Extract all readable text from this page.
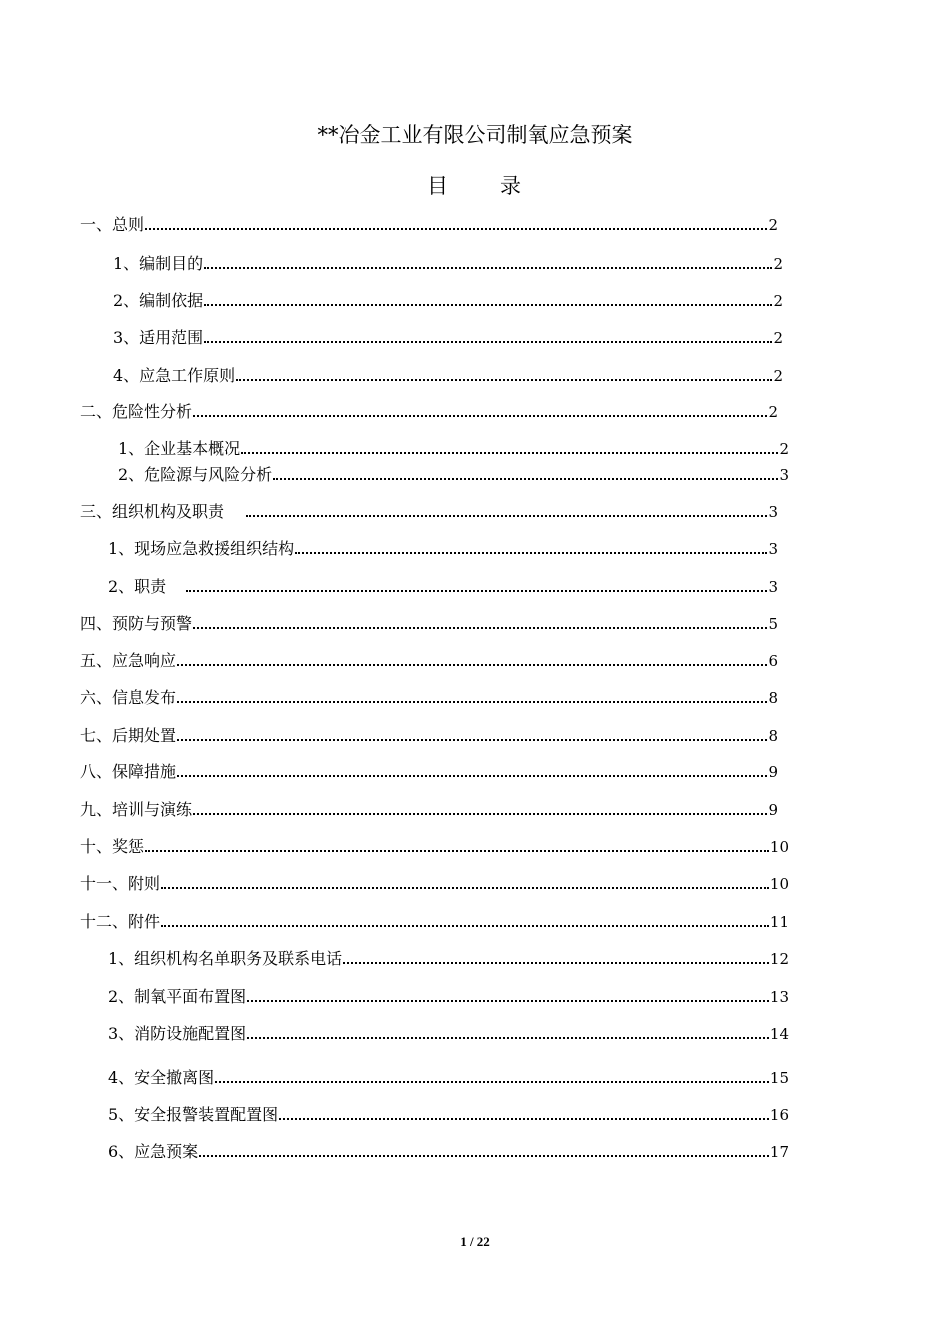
**冶金工业有限公司制氧应急预案
目 录
一、总则	2
1、编制目的	2
2、编制依据	2
3、适用范围	2
4、应急工作原则	2
二、危险性分析	2
1、企业基本概况	2
2、危险源与风险分析	3
三、组织机构及职责	3
1、现场应急救援组织结构	3
2、职责	3
四、预防与预警	5
五、应急响应	6
六、信息发布	8
七、后期处置	8
八、保障措施	9
九、培训与演练	9
十、奖惩	10
十一、附则	10
十二、附件	11
1、组织机构名单职务及联系电话	12
2、制氧平面布置图	13
3、消防设施配置图	14
4、安全撤离图	15
5、安全报警装置配置图	16
6、应急预案	17
1 / 22
